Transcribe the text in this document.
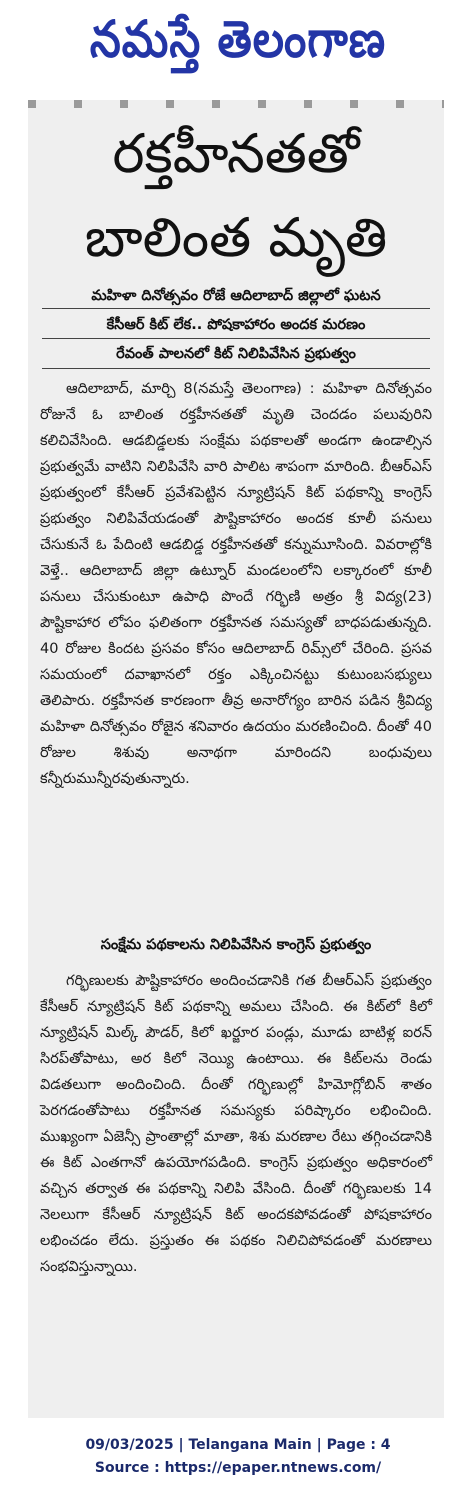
నమస్తే తెలంగాణ
రక్తహీనతతో
బాలింత మృతి
మహిళా దినోత్సవం రోజే ఆదిలాబాద్ జిల్లాలో ఘటన
కేసీఆర్ కిట్ లేక.. పోషకాహారం అందక మరణం
రేవంత్ పాలనలో కిట్ నిలిపివేసిన ప్రభుత్వం

ఆదిలాబాద్, మార్చి 8(నమస్తే తెలంగాణ) : మహిళా దినోత్సవం రోజునే ఓ బాలింత రక్తహీనతతో మృతి చెందడం పలువురిని కలిచివేసింది. ఆడబిడ్డలకు సంక్షేమ పథకాలతో అండగా ఉండాల్సిన ప్రభుత్వమే వాటిని నిలిపివేసి వారి పాలిట శాపంగా మారింది. బీఆర్ఎస్ ప్రభుత్వంలో కేసీఆర్ ప్రవేశపెట్టిన న్యూట్రిషన్ కిట్ పథకాన్ని కాంగ్రెస్ ప్రభుత్వం నిలిపివేయడంతో పౌష్టికాహారం అందక కూలీ పనులు చేసుకునే ఓ పేదింటి ఆడబిడ్డ రక్తహీనతతో కన్నుమూసింది. వివరాల్లోకి వెళ్తే.. ఆదిలాబాద్ జిల్లా ఉట్నూర్ మండలంలోని లక్కారంలో కూలీ పనులు చేసుకుంటూ ఉపాధి పొందే గర్భిణి అత్రం శ్రీ విద్య(23) పౌష్టికాహార లోపం ఫలితంగా రక్తహీనత సమస్యతో బాధపడుతున్నది. 40 రోజుల కిందట ప్రసవం కోసం ఆదిలాబాద్ రిమ్స్‌లో చేరింది. ప్రసవ సమయంలో దవాఖానలో రక్తం ఎక్కించినట్టు కుటుంబసభ్యులు తెలిపారు. రక్తహీనత కారణంగా తీవ్ర అనారోగ్యం బారిన పడిన శ్రీవిద్య మహిళా దినోత్సవం రోజైన శనివారం ఉదయం మరణించింది. దీంతో 40 రోజుల శిశువు అనాథగా మారిందని బంధువులు కన్నీరుమున్నీరవుతున్నారు.

సంక్షేమ పథకాలను నిలిపివేసిన కాంగ్రెస్ ప్రభుత్వం

గర్భిణులకు పౌష్టికాహారం అందించడానికి గత బీఆర్ఎస్ ప్రభుత్వం కేసీఆర్ న్యూట్రిషన్ కిట్ పథకాన్ని అమలు చేసింది. ఈ కిట్‌లో కిలో న్యూట్రిషన్ మిల్క్ పౌడర్, కిలో ఖర్జూర పండ్లు, మూడు బాటిళ్ల ఐరన్ సిరప్‌తోపాటు, అర కిలో నెయ్యి ఉంటాయి. ఈ కిట్‌లను రెండు విడతలుగా అందించింది. దీంతో గర్భిణుల్లో హిమోగ్లోబిన్ శాతం పెరగడంతోపాటు రక్తహీనత సమస్యకు పరిష్కారం లభించింది. ముఖ్యంగా ఏజెన్సీ ప్రాంతాల్లో మాతా, శిశు మరణాల రేటు తగ్గించడానికి ఈ కిట్ ఎంతగానో ఉపయోగపడింది. కాంగ్రెస్ ప్రభుత్వం అధికారంలో వచ్చిన తర్వాత ఈ పథకాన్ని నిలిపి వేసింది. దీంతో గర్భిణులకు 14 నెలలుగా కేసీఆర్ న్యూట్రిషన్ కిట్ అందకపోవడంతో పోషకాహారం లభించడం లేదు. ప్రస్తుతం ఈ పథకం నిలిచిపోవడంతో మరణాలు సంభవిస్తున్నాయి.

09/03/2025 | Telangana Main | Page : 4
Source : https://epaper.ntnews.com/
